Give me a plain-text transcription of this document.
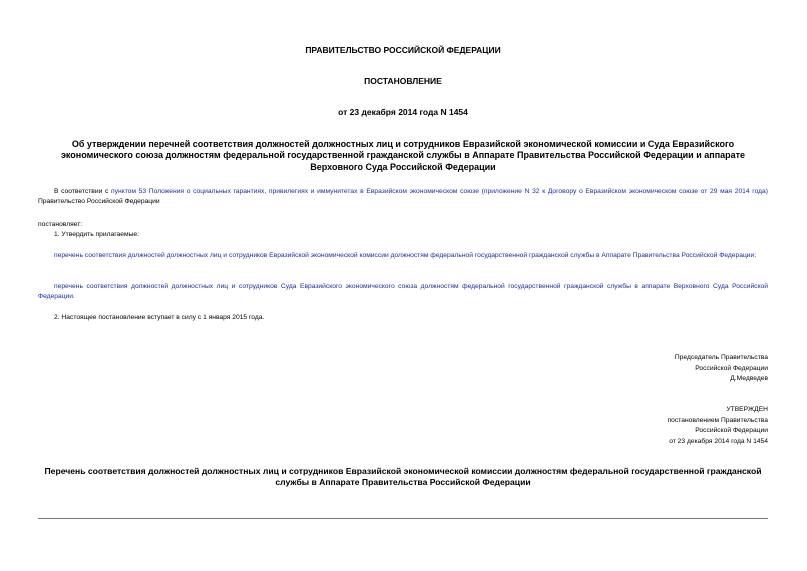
ПРАВИТЕЛЬСТВО РОССИЙСКОЙ ФЕДЕРАЦИИ
ПОСТАНОВЛЕНИЕ
от 23 декабря 2014 года N 1454
Об утверждении перечней соответствия должностей должностных лиц и сотрудников Евразийской экономической комиссии и Суда Евразийского экономического союза должностям федеральной государственной гражданской службы в Аппарате Правительства Российской Федерации и аппарате Верховного Суда Российской Федерации
В соответствии с пунктом 53 Положения о социальных гарантиях, привилегиях и иммунитетах в Евразийском экономическом союзе (приложение N 32 к Договору о Евразийском экономическом союзе от 29 мая 2014 года) Правительство Российской Федерации
постановляет:
1. Утвердить прилагаемые:
перечень соответствия должностей должностных лиц и сотрудников Евразийской экономической комиссии должностям федеральной государственной гражданской службы в Аппарате Правительства Российской Федерации;
перечень соответствия должностей должностных лиц и сотрудников Суда Евразийского экономического союза должностям федеральной государственной гражданской службы в аппарате Верховного Суда Российской Федерации.
2. Настоящее постановление вступает в силу с 1 января 2015 года.
Председатель Правительства
Российской Федерации
Д.Медведев
УТВЕРЖДЕН
постановлением Правительства
Российской Федерации
от 23 декабря 2014 года N 1454
Перечень соответствия должностей должностных лиц и сотрудников Евразийской экономической комиссии должностям федеральной государственной гражданской службы в Аппарате Правительства Российской Федерации
